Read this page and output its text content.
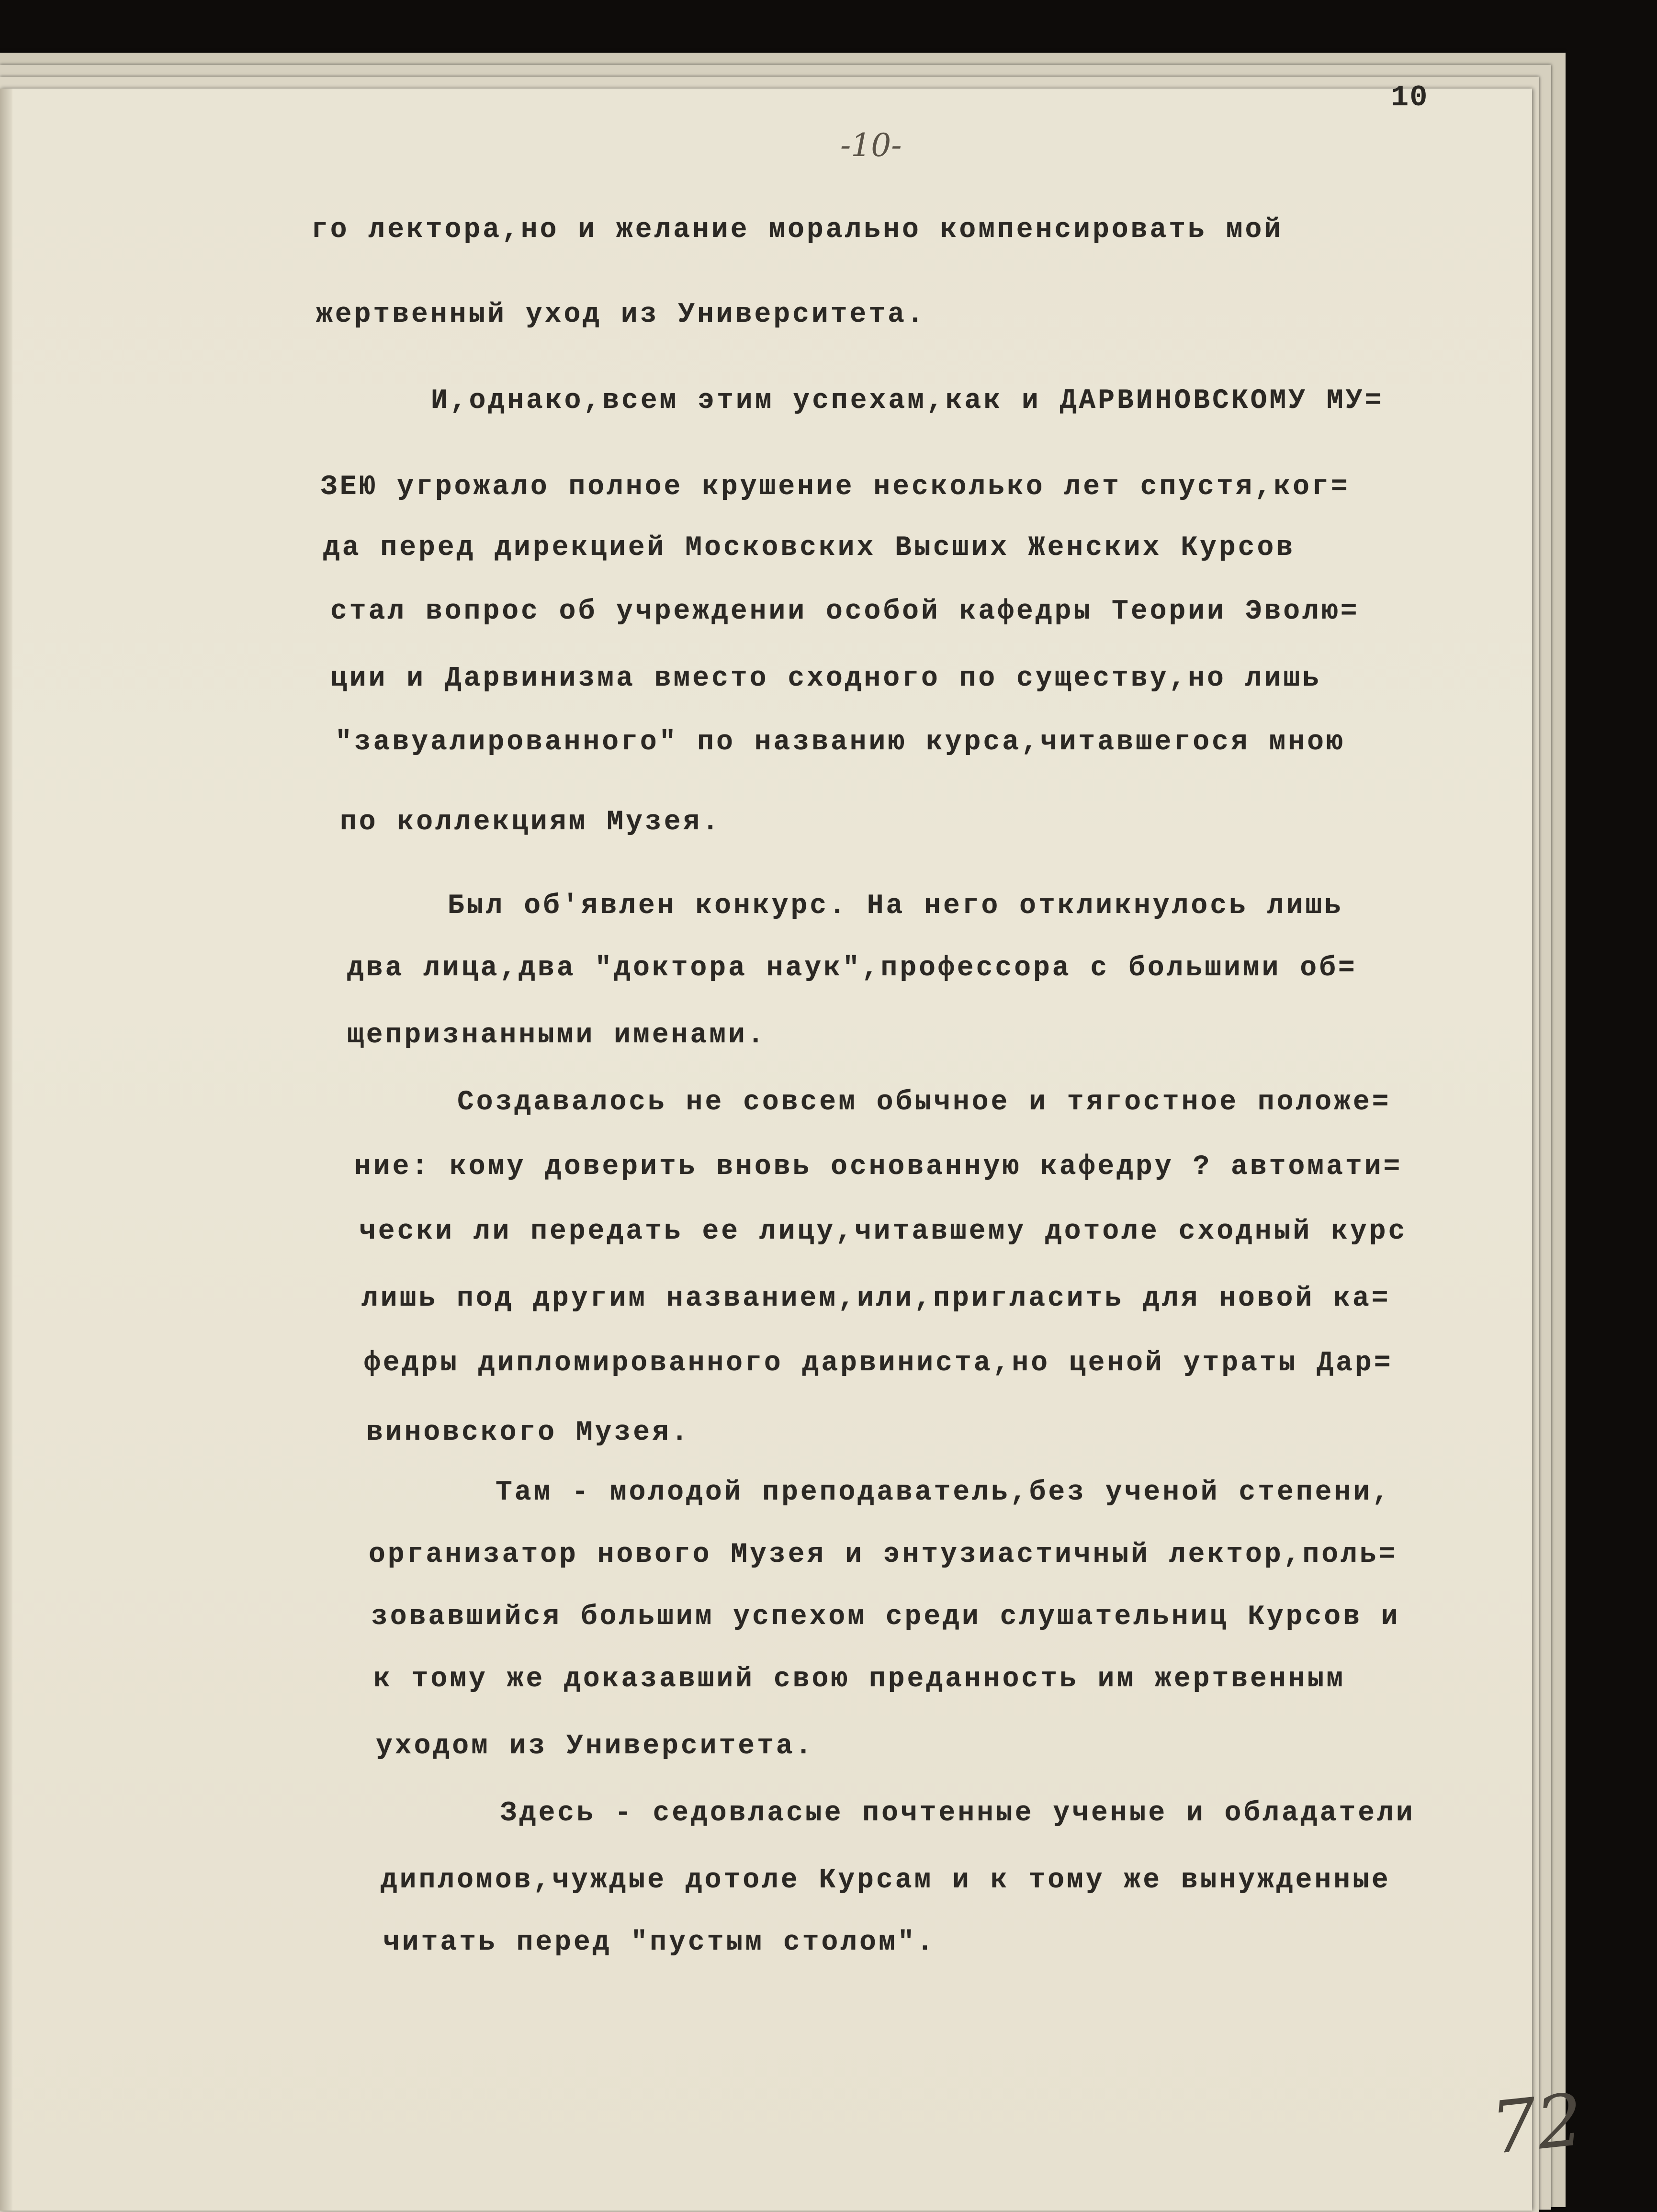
10
-10-
72
го лектора,но и желание морально компенсировать мой
жертвенный уход из Университета.
И,однако,всем этим успехам,как и ДАРВИНОВСКОМУ МУ=
ЗЕЮ угрожало полное крушение несколько лет спустя,ког=
да перед дирекцией Московских Высших Женских Курсов
стал вопрос об учреждении особой кафедры Теории Эволю=
ции и Дарвинизма вместо сходного по существу,но лишь
"завуалированного" по названию курса,читавшегося мною
по коллекциям Музея.
Был об'явлен конкурс. На него откликнулось лишь
два лица,два "доктора наук",профессора с большими об=
щепризнанными именами.
Создавалось не совсем обычное и тягостное положе=
ние: кому доверить вновь основанную кафедру ? автомати=
чески ли передать ее лицу,читавшему дотоле сходный курс
лишь под другим названием,или,пригласить для новой ка=
федры дипломированного дарвиниста,но ценой утраты Дар=
виновского Музея.
Там - молодой преподаватель,без ученой степени,
организатор нового Музея и энтузиастичный лектор,поль=
зовавшийся большим успехом среди слушательниц Курсов и
к тому же доказавший свою преданность им жертвенным
уходом из Университета.
Здесь - седовласые почтенные ученые и обладатели
дипломов,чуждые дотоле Курсам и к тому же вынужденные
читать перед "пустым столом".
